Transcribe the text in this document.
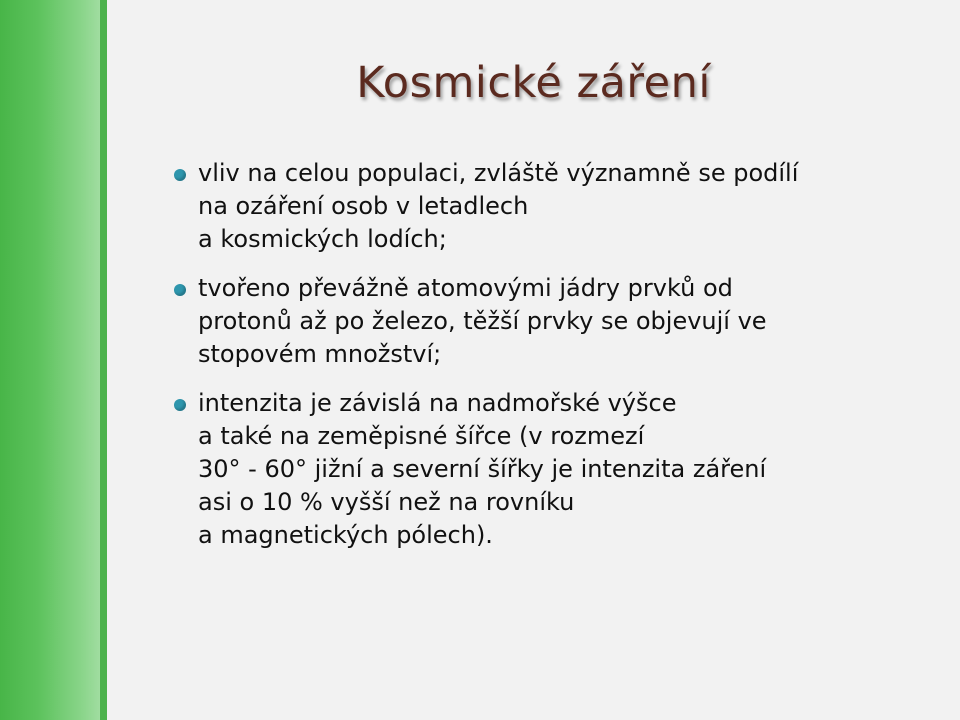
Kosmické záření
vliv na celou populaci, zvláště významně se podílí
na ozáření osob v letadlech
a kosmických lodích;
tvořeno převážně atomovými jádry prvků od
protonů až po železo, těžší prvky se objevují ve
stopovém množství;
intenzita je závislá na nadmořské výšce
a také na zeměpisné šířce (v rozmezí
30° - 60° jižní a severní šířky je intenzita záření
asi o 10 % vyšší než na rovníku
a magnetických pólech).
